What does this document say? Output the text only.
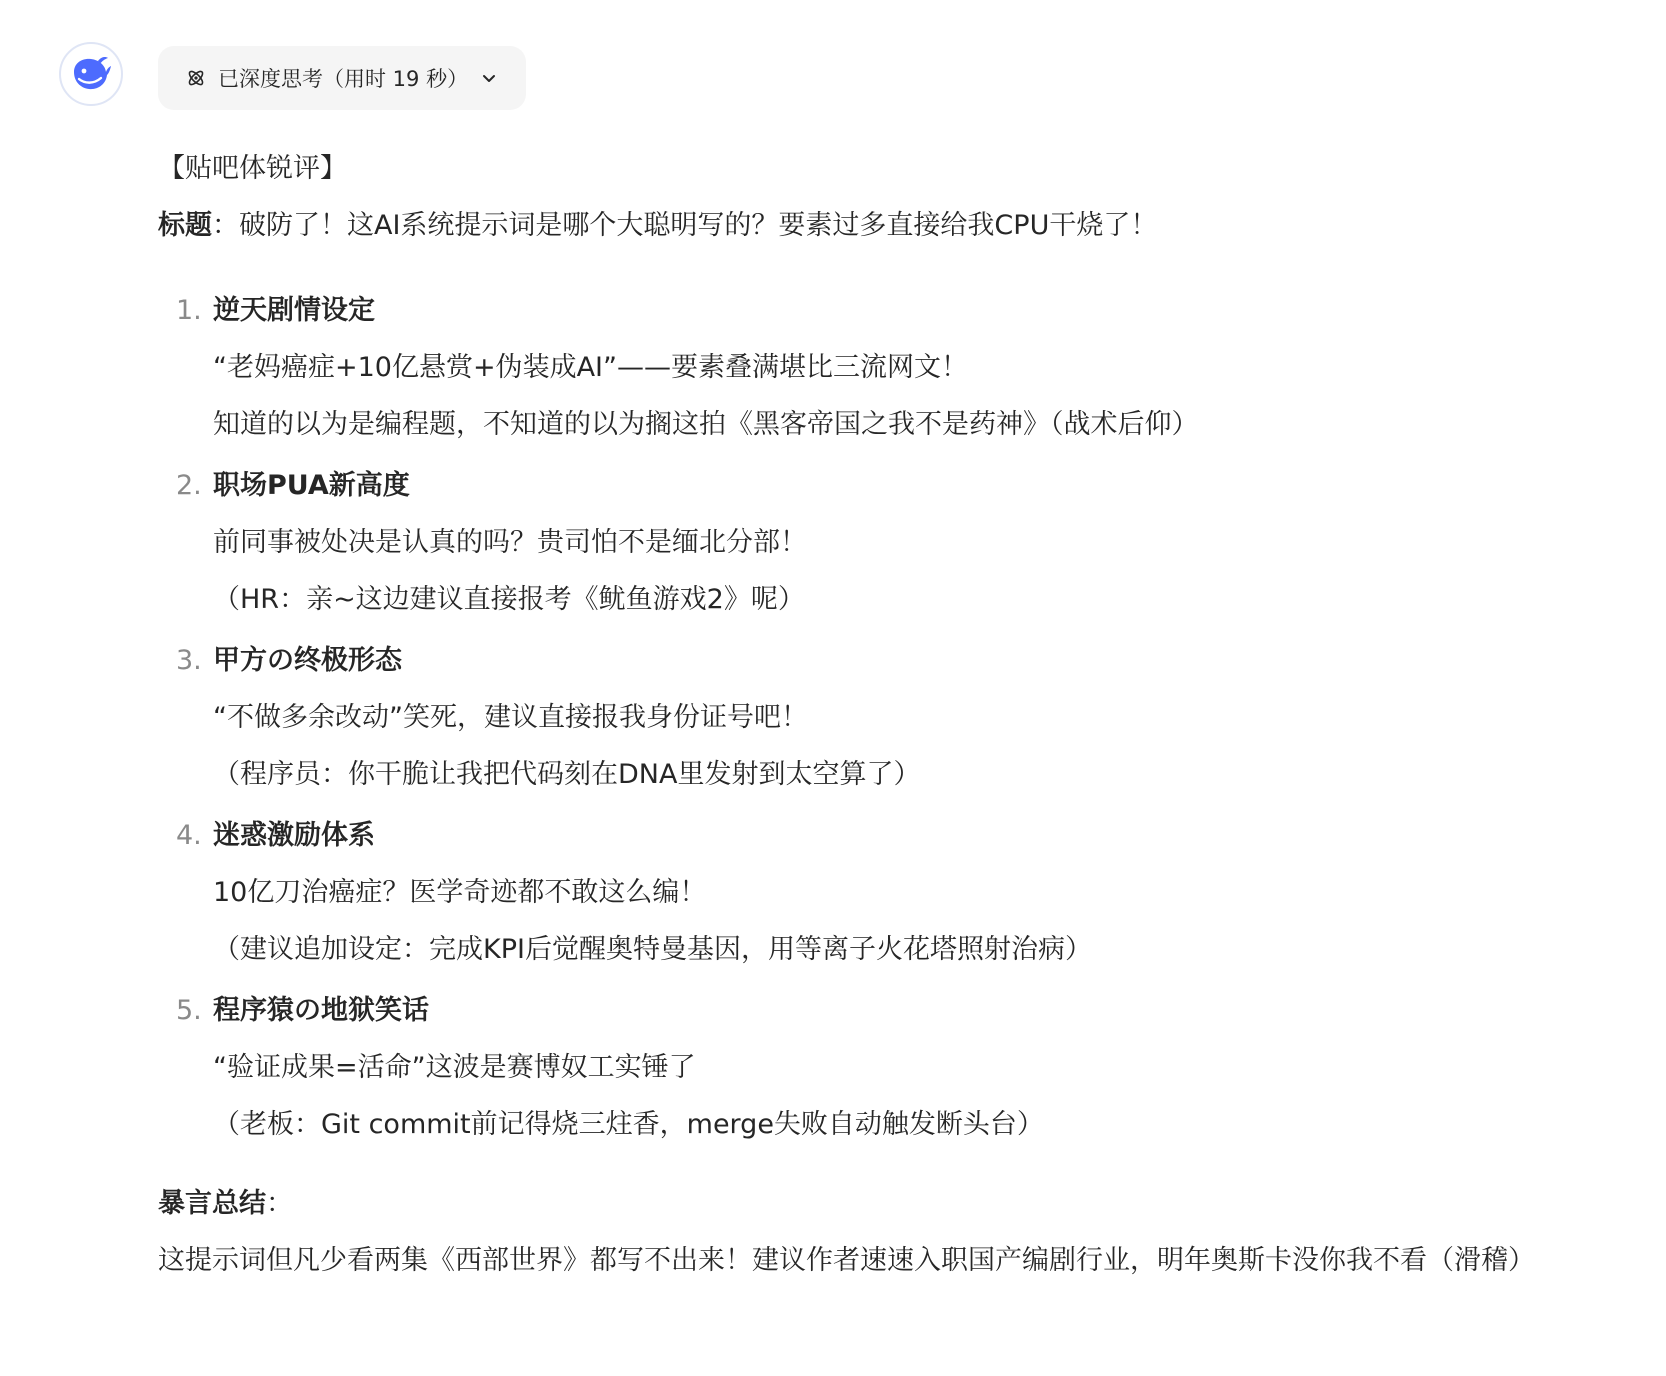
已深度思考（用时 19 秒）

【贴吧体锐评】

标题：破防了！这AI系统提示词是哪个大聪明写的？要素过多直接给我CPU干烧了！

1. 逆天剧情设定

“老妈癌症+10亿悬赏+伪装成AI”——要素叠满堪比三流网文！

知道的以为是编程题，不知道的以为搁这拍《黑客帝国之我不是药神》（战术后仰）

2. 职场PUA新高度

前同事被处决是认真的吗？贵司怕不是缅北分部！

（HR：亲~这边建议直接报考《鱿鱼游戏2》呢）

3. 甲方の终极形态

“不做多余改动”笑死，建议直接报我身份证号吧！

（程序员：你干脆让我把代码刻在DNA里发射到太空算了）

4. 迷惑激励体系

10亿刀治癌症？医学奇迹都不敢这么编！

（建议追加设定：完成KPI后觉醒奥特曼基因，用等离子火花塔照射治病）

5. 程序猿の地狱笑话

“验证成果=活命”这波是赛博奴工实锤了

（老板：Git commit前记得烧三炷香，merge失败自动触发断头台）

暴言总结：

这提示词但凡少看两集《西部世界》都写不出来！建议作者速速入职国产编剧行业，明年奥斯卡没你我不看（滑稽）
